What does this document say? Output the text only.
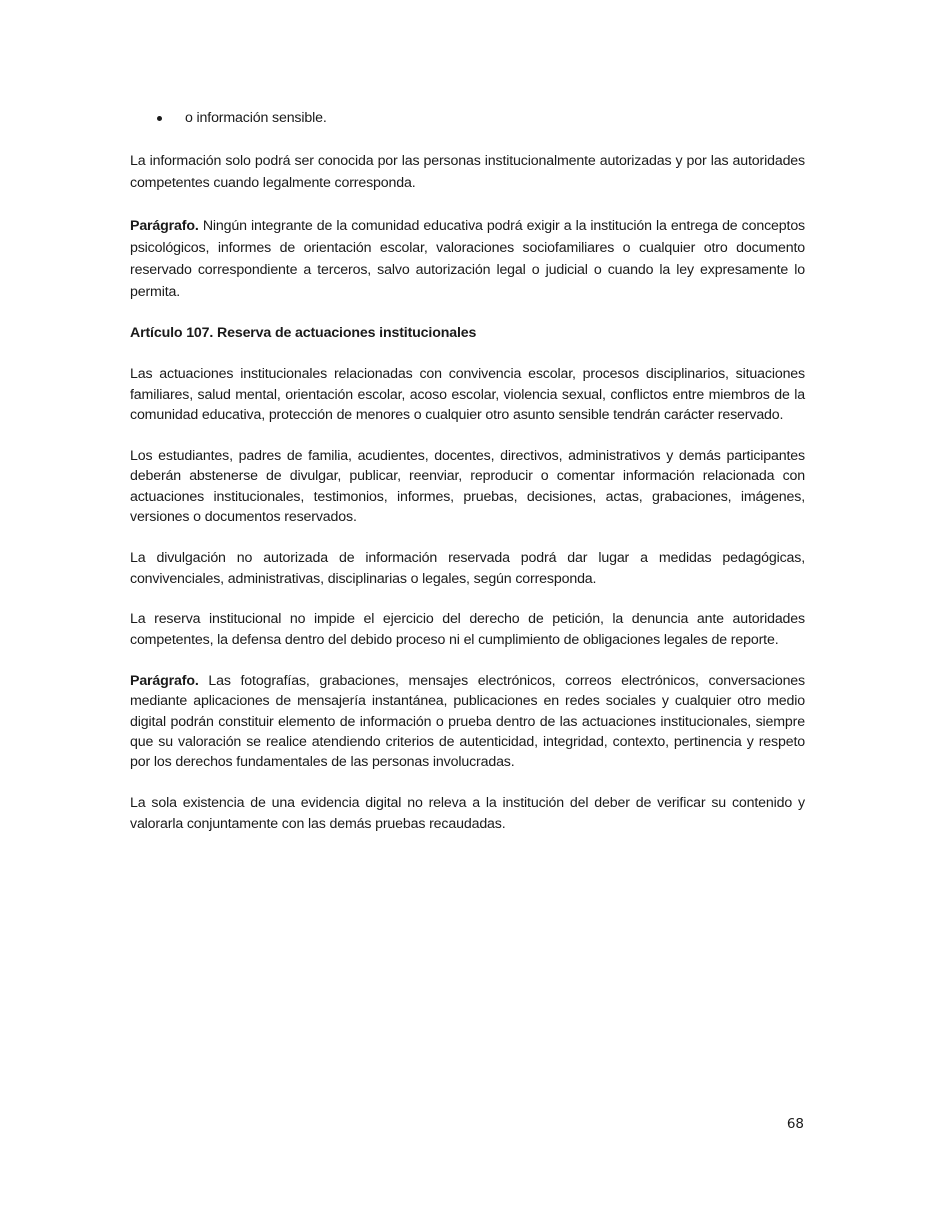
o información sensible.

La información solo podrá ser conocida por las personas institucionalmente autorizadas y por las autoridades competentes cuando legalmente corresponda.

Parágrafo. Ningún integrante de la comunidad educativa podrá exigir a la institución la entrega de conceptos psicológicos, informes de orientación escolar, valoraciones sociofamiliares o cualquier otro documento reservado correspondiente a terceros, salvo autorización legal o judicial o cuando la ley expresamente lo permita.

Artículo 107. Reserva de actuaciones institucionales

Las actuaciones institucionales relacionadas con convivencia escolar, procesos disciplinarios, situaciones familiares, salud mental, orientación escolar, acoso escolar, violencia sexual, conflictos entre miembros de la comunidad educativa, protección de menores o cualquier otro asunto sensible tendrán carácter reservado.

Los estudiantes, padres de familia, acudientes, docentes, directivos, administrativos y demás participantes deberán abstenerse de divulgar, publicar, reenviar, reproducir o comentar información relacionada con actuaciones institucionales, testimonios, informes, pruebas, decisiones, actas, grabaciones, imágenes, versiones o documentos reservados.

La divulgación no autorizada de información reservada podrá dar lugar a medidas pedagógicas, convivenciales, administrativas, disciplinarias o legales, según corresponda.

La reserva institucional no impide el ejercicio del derecho de petición, la denuncia ante autoridades competentes, la defensa dentro del debido proceso ni el cumplimiento de obligaciones legales de reporte.

Parágrafo. Las fotografías, grabaciones, mensajes electrónicos, correos electrónicos, conversaciones mediante aplicaciones de mensajería instantánea, publicaciones en redes sociales y cualquier otro medio digital podrán constituir elemento de información o prueba dentro de las actuaciones institucionales, siempre que su valoración se realice atendiendo criterios de autenticidad, integridad, contexto, pertinencia y respeto por los derechos fundamentales de las personas involucradas.

La sola existencia de una evidencia digital no releva a la institución del deber de verificar su contenido y valorarla conjuntamente con las demás pruebas recaudadas.

68
